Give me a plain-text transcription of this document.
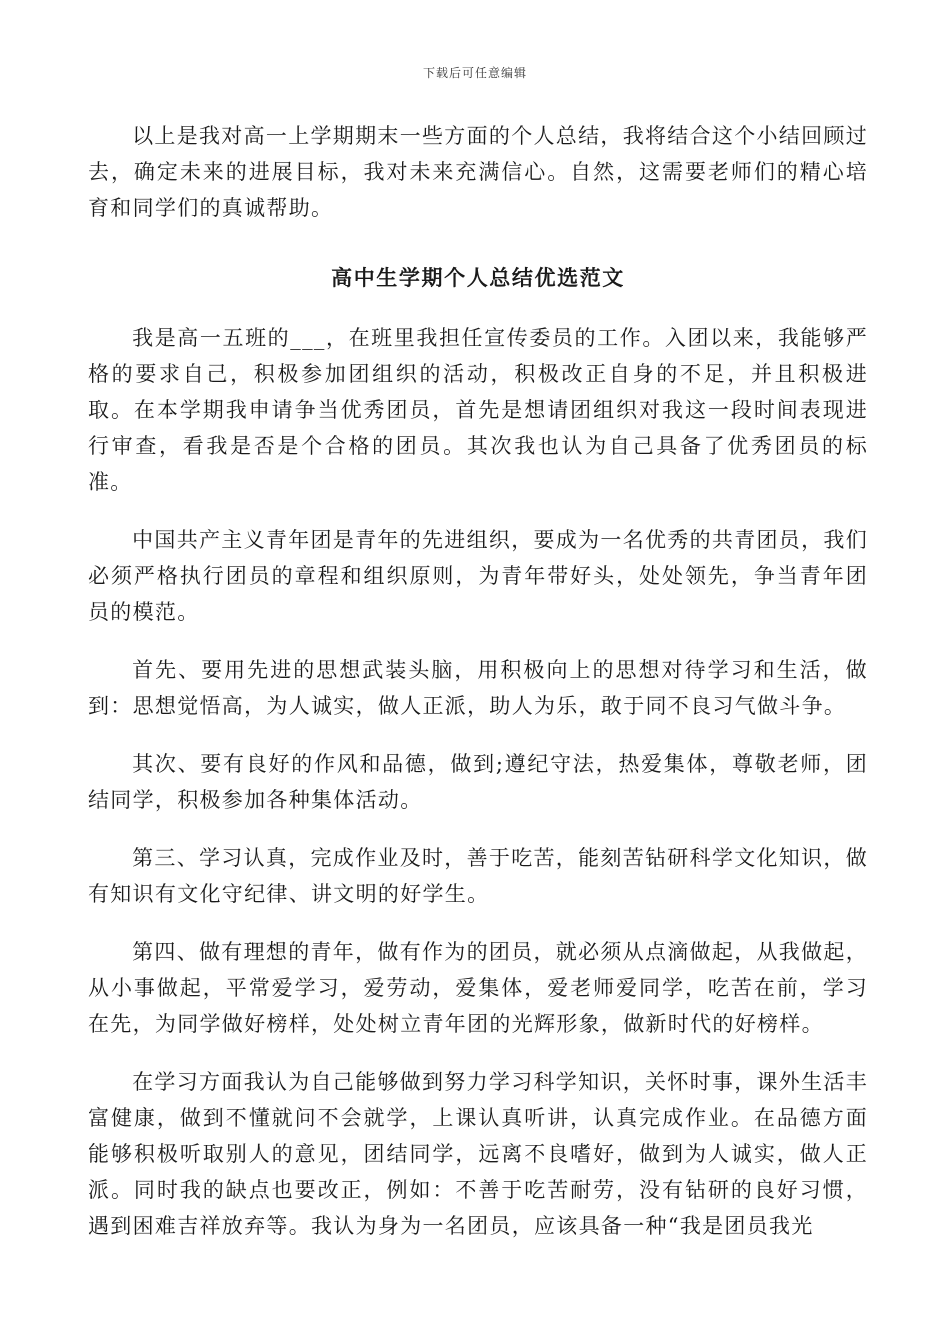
下载后可任意编辑

以上是我对高一上学期期末一些方面的个人总结，我将结合这个小结回顾过去，确定未来的进展目标，我对未来充满信心。自然，这需要老师们的精心培育和同学们的真诚帮助。

高中生学期个人总结优选范文

我是高一五班的___，在班里我担任宣传委员的工作。入团以来，我能够严格的要求自己，积极参加团组织的活动，积极改正自身的不足，并且积极进取。在本学期我申请争当优秀团员，首先是想请团组织对我这一段时间表现进行审查，看我是否是个合格的团员。其次我也认为自己具备了优秀团员的标准。

中国共产主义青年团是青年的先进组织，要成为一名优秀的共青团员，我们必须严格执行团员的章程和组织原则，为青年带好头，处处领先，争当青年团员的模范。

首先、要用先进的思想武装头脑，用积极向上的思想对待学习和生活，做到：思想觉悟高，为人诚实，做人正派，助人为乐，敢于同不良习气做斗争。

其次、要有良好的作风和品德，做到;遵纪守法，热爱集体，尊敬老师，团结同学，积极参加各种集体活动。

第三、学习认真，完成作业及时，善于吃苦，能刻苦钻研科学文化知识，做有知识有文化守纪律、讲文明的好学生。

第四、做有理想的青年，做有作为的团员，就必须从点滴做起，从我做起，从小事做起，平常爱学习，爱劳动，爱集体，爱老师爱同学，吃苦在前，学习在先，为同学做好榜样，处处树立青年团的光辉形象，做新时代的好榜样。

在学习方面我认为自己能够做到努力学习科学知识，关怀时事，课外生活丰富健康，做到不懂就问不会就学，上课认真听讲，认真完成作业。在品德方面能够积极听取别人的意见，团结同学，远离不良嗜好，做到为人诚实，做人正派。同时我的缺点也要改正，例如：不善于吃苦耐劳，没有钻研的良好习惯，遇到困难吉祥放弃等。我认为身为一名团员，应该具备一种“我是团员我光
